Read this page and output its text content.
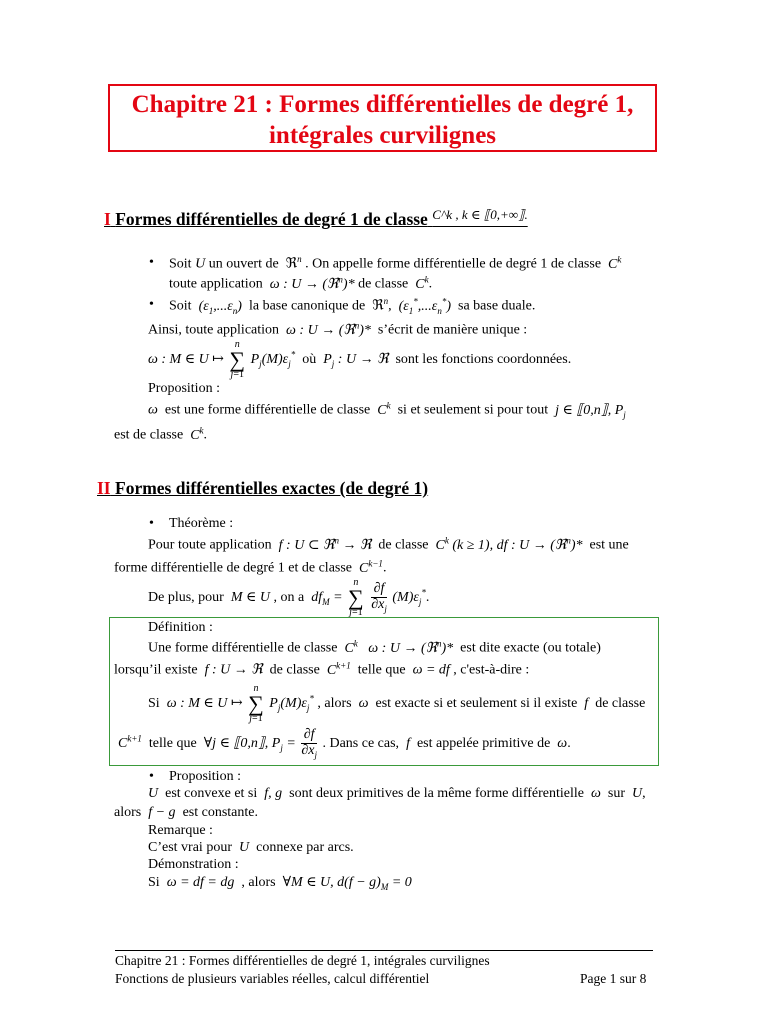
Chapitre 21 : Formes différentielles de degré 1,
intégrales curvilignes
I Formes différentielles de degré 1 de classe $^{C\^{}k , k \in ⟦0,+\infty⟧.}$
• Soit U un ouvert de  ℜ$^n$ . On appelle forme différentielle de degré 1 de classe  $C^k$
toute application  ω : U → (ℜ$^n$)* de classe  $C^k$.
• Soit  $(\varepsilon_1,...\varepsilon_n)$  la base canonique de  ℜ$^n$,  $(\varepsilon_1^*,...\varepsilon_n^*)$  sa base duale.
Ainsi, toute application  ω : U → (ℜ$^n$)*  s’écrit de manière unique :
ω : M ∈ U ↦ n
∑
j=1 $P_j(M)\varepsilon_j^*$ où  $P_j$ : U → ℜ  sont les fonctions coordonnées.
Proposition :
ω  est une forme différentielle de classe  $C^k$ si et seulement si pour tout  j ∈ ⟦0,n⟧, $P_j$
est de classe  $C^k$.
II Formes différentielles exactes (de degré 1)
• Théorème :
Pour toute application  f : U ⊂ ℜ$^n$ → ℜ  de classe  $C^k$ (k ≥ 1), df : U → (ℜ$^n$)*  est une
forme différentielle de degré 1 et de classe  $C^{k-1}$.
De plus, pour  M ∈ U , on a  $df_M = n$
∑
$j=1 \frac{\partial f}{\partial x_j} (M)\varepsilon_j^*$.
Définition :
Une forme différentielle de classe  $C^k$   ω : U → (ℜ$^n$)*  est dite exacte (ou totale)
lorsqu’il existe  f : U → ℜ  de classe  $C^{k+1}$ telle que  ω = df , c'est-à-dire :
Si  ω : M ∈ U ↦ n
∑
j=1 $P_j(M)\varepsilon_j^*$ , alors  ω  est exacte si et seulement si il existe  f  de classe
$C^{k+1}$ telle que  ∀j ∈ ⟦0,n⟧, $P_j = \frac{\partial f}{\partial x_j}$ . Dans ce cas,  f  est appelée primitive de  ω.
• Proposition :
U  est convexe et si  f, g  sont deux primitives de la même forme différentielle  ω  sur  U,
alors  f − g  est constante.
Remarque :
C’est vrai pour  U  connexe par arcs.
Démonstration :
Si  ω = df = dg  , alors  ∀M ∈ U, $d(f - g)_M = 0$
Chapitre 21 : Formes différentielles de degré 1, intégrales curvilignes
Fonctions de plusieurs variables réelles, calcul différentiel	Page 1 sur 8
